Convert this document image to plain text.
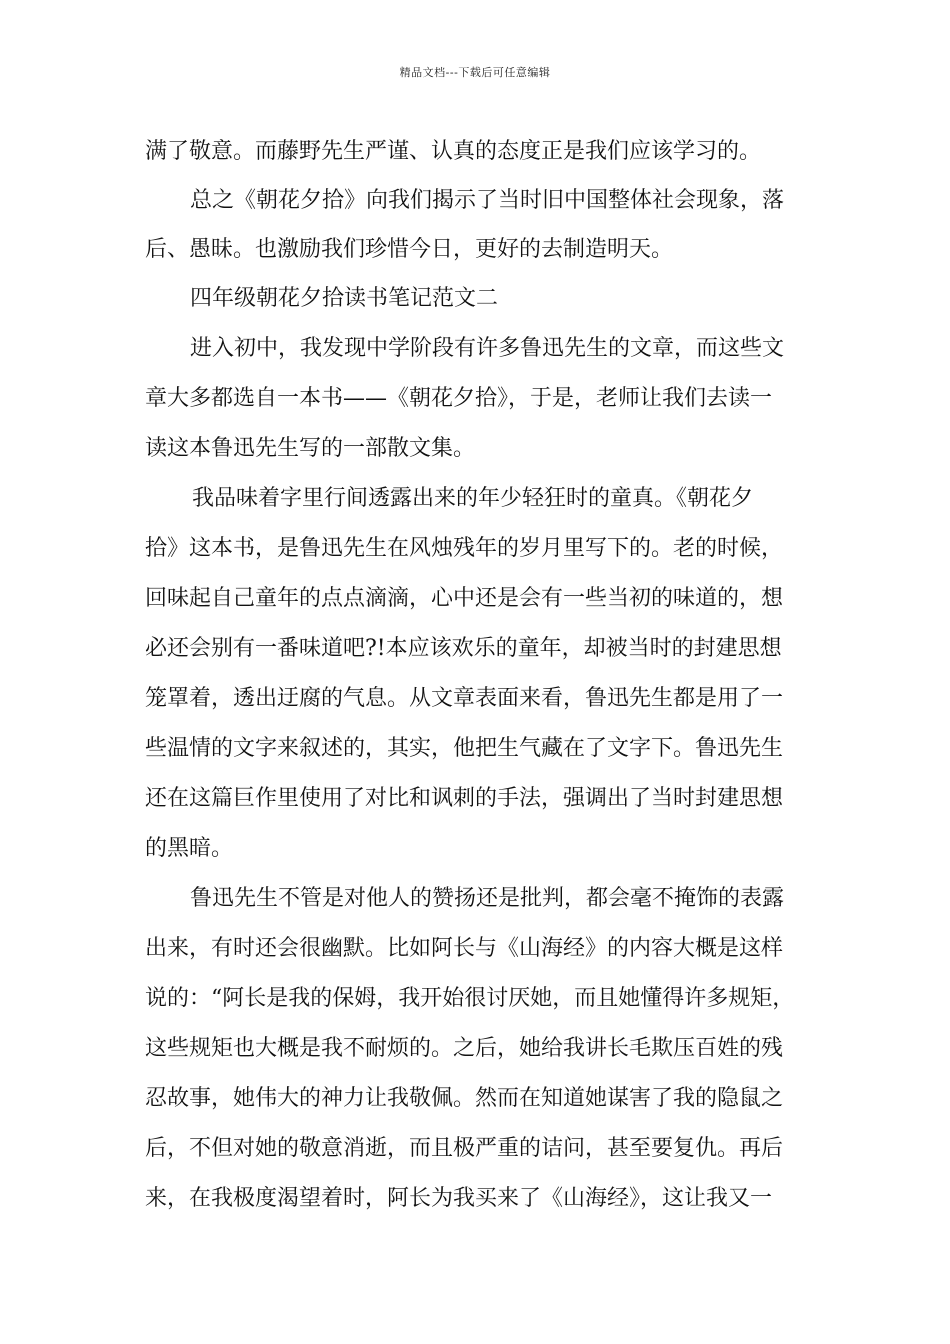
精品文档---下载后可任意编辑
满了敬意。而藤野先生严谨、认真的态度正是我们应该学习的。
总之《朝花夕拾》向我们揭示了当时旧中国整体社会现象，落
后、愚昧。也激励我们珍惜今日，更好的去制造明天。
四年级朝花夕拾读书笔记范文二
进入初中，我发现中学阶段有许多鲁迅先生的文章，而这些文
章大多都选自一本书——《朝花夕拾》，于是，老师让我们去读一
读这本鲁迅先生写的一部散文集。
我品味着字里行间透露出来的年少轻狂时的童真。《朝花夕
拾》这本书，是鲁迅先生在风烛残年的岁月里写下的。老的时候，
回味起自己童年的点点滴滴，心中还是会有一些当初的味道的，想
必还会别有一番味道吧?!本应该欢乐的童年，却被当时的封建思想
笼罩着，透出迂腐的气息。从文章表面来看，鲁迅先生都是用了一
些温情的文字来叙述的，其实，他把生气藏在了文字下。鲁迅先生
还在这篇巨作里使用了对比和讽刺的手法，强调出了当时封建思想
的黑暗。
鲁迅先生不管是对他人的赞扬还是批判，都会毫不掩饰的表露
出来，有时还会很幽默。比如阿长与《山海经》的内容大概是这样
说的：“阿长是我的保姆，我开始很讨厌她，而且她懂得许多规矩，
这些规矩也大概是我不耐烦的。之后，她给我讲长毛欺压百姓的残
忍故事，她伟大的神力让我敬佩。然而在知道她谋害了我的隐鼠之
后，不但对她的敬意消逝，而且极严重的诘问，甚至要复仇。再后
来，在我极度渴望着时，阿长为我买来了《山海经》，这让我又一
